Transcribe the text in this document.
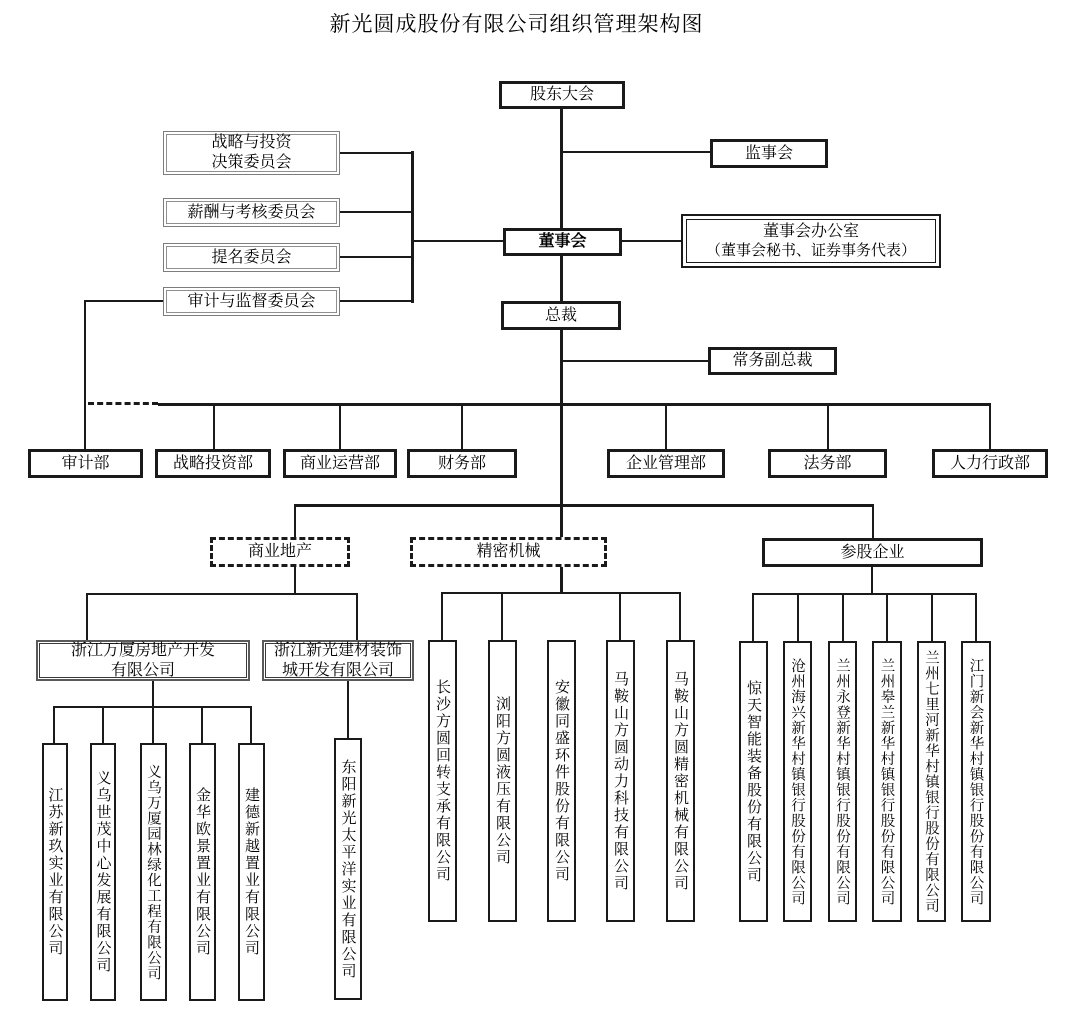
新光圆成股份有限公司组织管理架构图
股东大会
监事会
董事会
董事会办公室
（董事会秘书、证券事务代表）
战略与投资
决策委员会
薪酬与考核委员会
提名委员会
审计与监督委员会
总裁
常务副总裁
审计部	战略投资部	商业运营部	财务部	企业管理部	法务部	人力行政部
商业地产	精密机械	参股企业
浙江万厦房地产开发
有限公司
浙江新光建材装饰
城开发有限公司
江苏新玖实业有限公司 义乌世茂中心发展有限公司 义乌万厦园林绿化工程有限公司 金华欧景置业有限公司 建德新越置业有限公司	东阳新光太平洋实业有限公司	长沙方圆回转支承有限公司	浏阳方圆液压有限公司	安徽同盛环件股份有限公司	马鞍山方圆动力科技有限公司	马鞍山方圆精密机械有限公司	惊天智能装备股份有限公司 沧州海兴新华村镇银行股份有限公司 兰州永登新华村镇银行股份有限公司 兰州皋兰新华村镇银行股份有限公司 兰州七里河新华村镇银行股份有限公司 江门新会新华村镇银行股份有限公司
